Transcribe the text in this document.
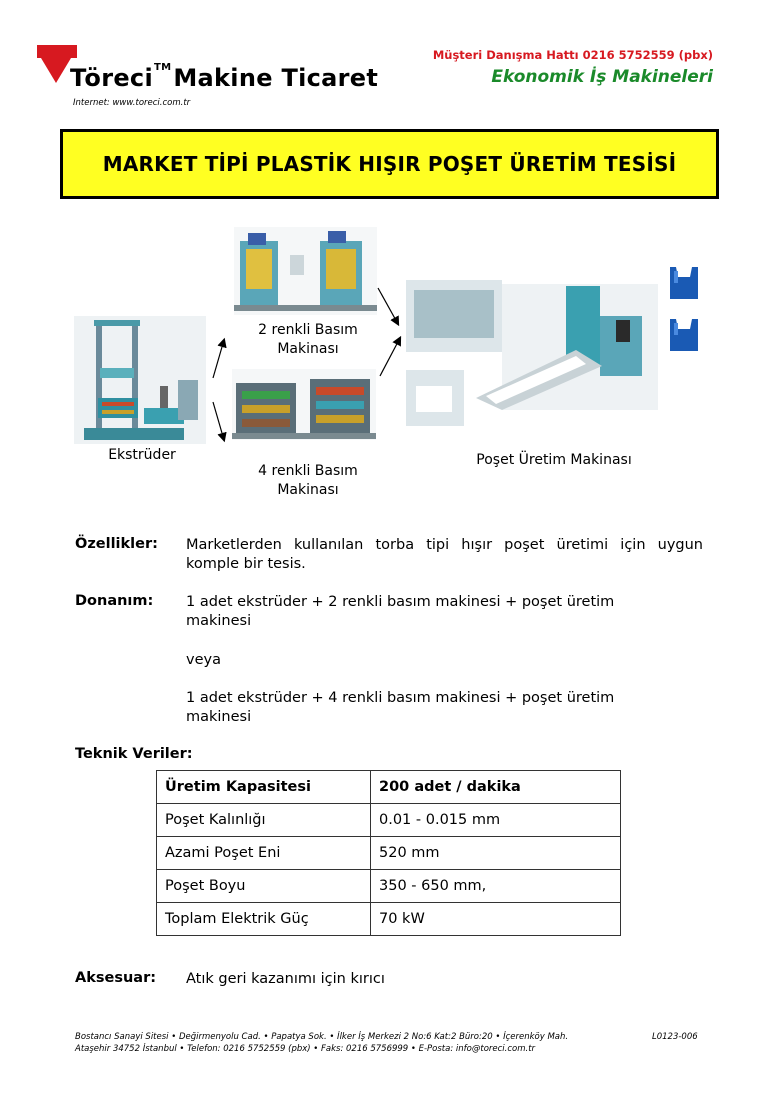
Töreci™Makine Ticaret
Internet: www.toreci.com.tr
Müşteri Danışma Hattı 0216 5752559 (pbx)
Ekonomik İş Makineleri
MARKET TİPİ PLASTİK HIŞIR POŞET ÜRETİM TESİSİ
Ekstrüder
2 renkli Basım
Makinası
4 renkli Basım
Makinası
Poşet Üretim Makinası
Özellikler: Marketlerden kullanılan torba tipi hışır poşet üretimi için uygun
komple bir tesis.
Donanım: 1 adet ekstrüder + 2 renkli basım makinesi + poşet üretim
makinesi
veya
1 adet ekstrüder + 4 renkli basım makinesi + poşet üretim
makinesi
Teknik Veriler:
Üretim Kapasitesi	200 adet / dakika
Poşet Kalınlığı	0.01 - 0.015 mm
Azami Poşet Eni	520 mm
Poşet Boyu	350 - 650 mm,
Toplam Elektrik Güç	70 kW
Aksesuar: Atık geri kazanımı için kırıcı
Bostancı Sanayi Sitesi • Değirmenyolu Cad. • Papatya Sok. • İlker İş Merkezi 2 No:6 Kat:2 Büro:20 • İçerenköy Mah.	L0123-006
Ataşehir 34752 İstanbul • Telefon: 0216 5752559 (pbx) • Faks: 0216 5756999 • E-Posta: info@toreci.com.tr
